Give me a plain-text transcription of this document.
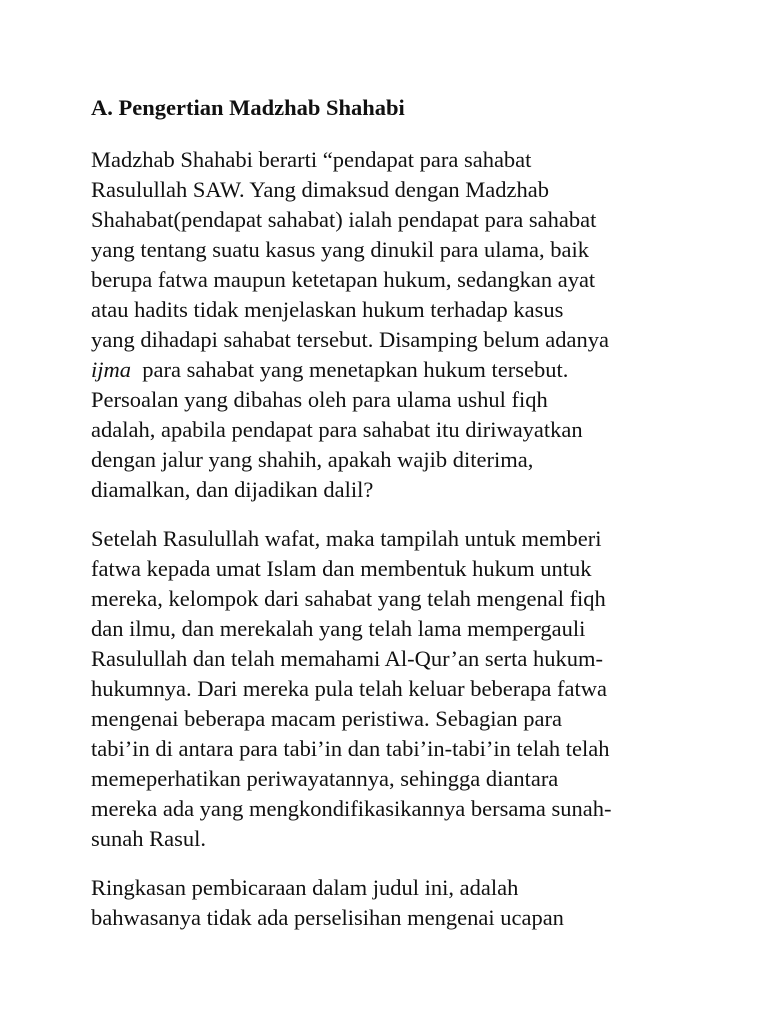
A. Pengertian Madzhab Shahabi
Madzhab Shahabi berarti “pendapat para sahabat
Rasulullah SAW. Yang dimaksud dengan Madzhab
Shahabat(pendapat sahabat) ialah pendapat para sahabat
yang tentang suatu kasus yang dinukil para ulama, baik
berupa fatwa maupun ketetapan hukum, sedangkan ayat
atau hadits tidak menjelaskan hukum terhadap kasus
yang dihadapi sahabat tersebut. Disamping belum adanya
ijma  para sahabat yang menetapkan hukum tersebut.
Persoalan yang dibahas oleh para ulama ushul fiqh
adalah, apabila pendapat para sahabat itu diriwayatkan
dengan jalur yang shahih, apakah wajib diterima,
diamalkan, dan dijadikan dalil?
Setelah Rasulullah wafat, maka tampilah untuk memberi
fatwa kepada umat Islam dan membentuk hukum untuk
mereka, kelompok dari sahabat yang telah mengenal fiqh
dan ilmu, dan merekalah yang telah lama mempergauli
Rasulullah dan telah memahami Al-Qur’an serta hukum-
hukumnya. Dari mereka pula telah keluar beberapa fatwa
mengenai beberapa macam peristiwa. Sebagian para
tabi’in di antara para tabi’in dan tabi’in-tabi’in telah telah
memeperhatikan periwayatannya, sehingga diantara
mereka ada yang mengkondifikasikannya bersama sunah-
sunah Rasul.
Ringkasan pembicaraan dalam judul ini, adalah
bahwasanya tidak ada perselisihan mengenai ucapan
